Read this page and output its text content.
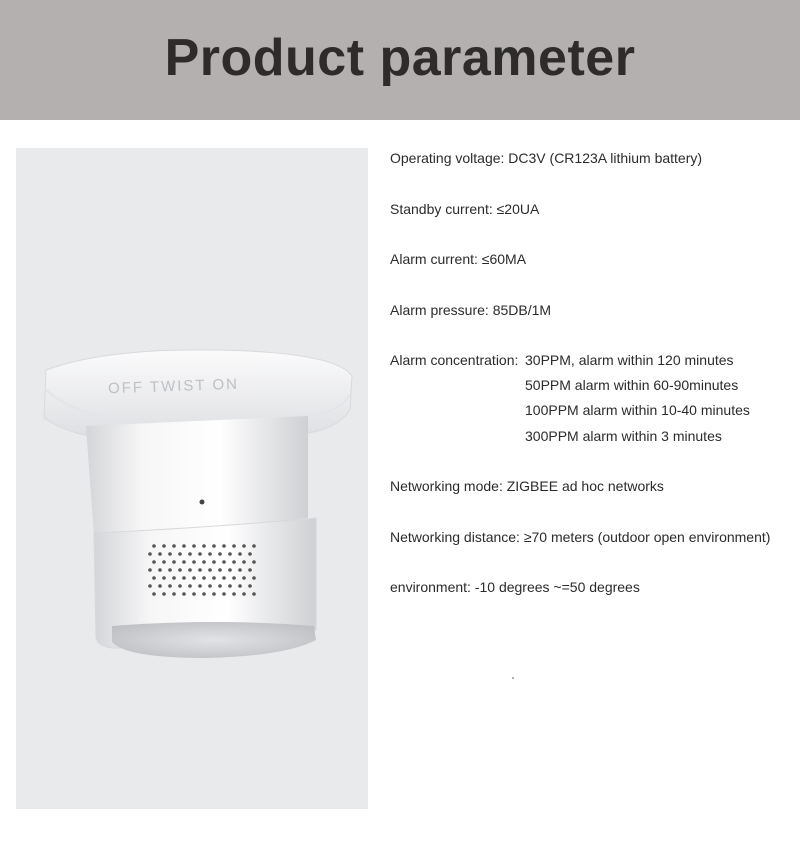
Product parameter
OFF TWIST ON
Operating voltage: DC3V (CR123A lithium battery)
Standby current: ≤20UA
Alarm current: ≤60MA
Alarm pressure: 85DB/1M
Alarm concentration: 30PPM, alarm within 120 minutes
50PPM alarm within 60-90minutes
100PPM alarm within 10-40 minutes
300PPM alarm within 3 minutes
Networking mode: ZIGBEE ad hoc networks
Networking distance: ≥70 meters (outdoor open environment)
environment: -10 degrees ~=50 degrees
